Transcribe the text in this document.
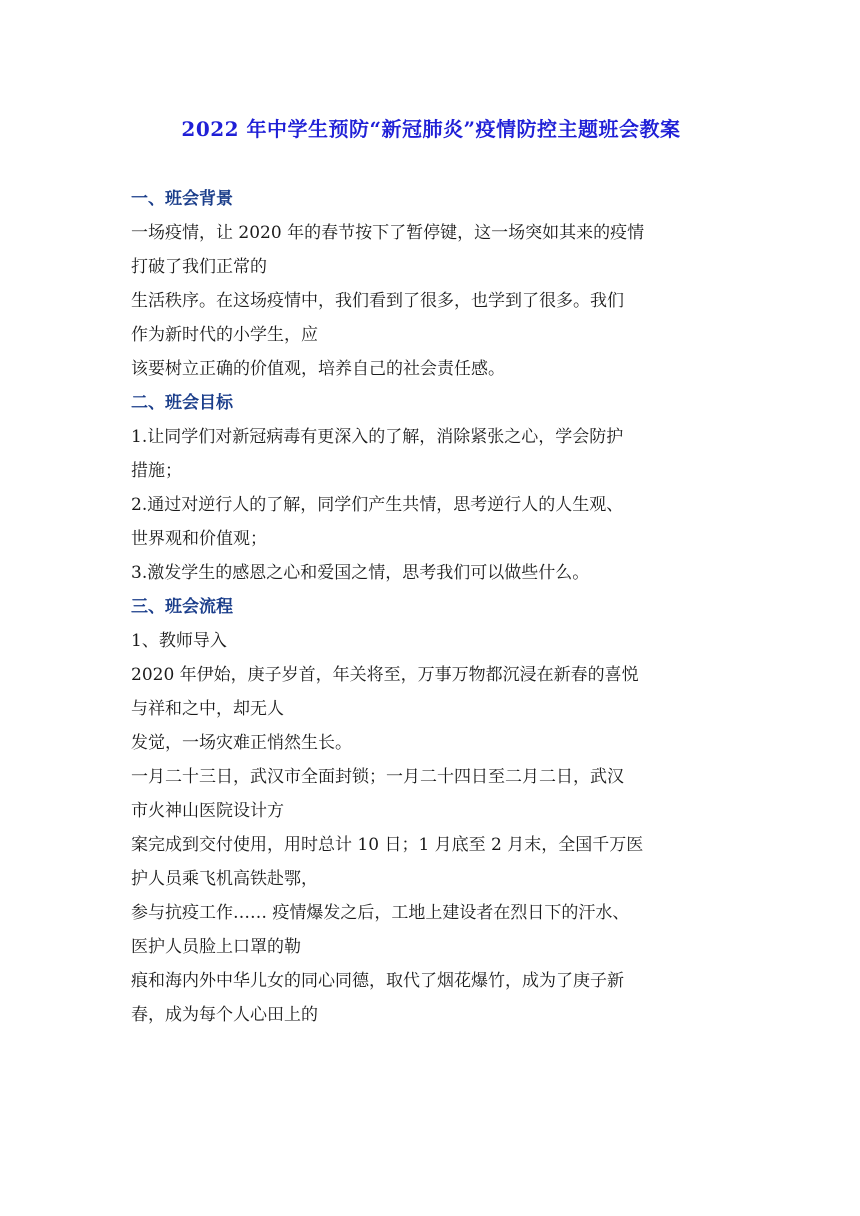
2022 年中学生预防“新冠肺炎”疫情防控主题班会教案
一、班会背景

一场疫情，让 2020 年的春节按下了暂停键，这一场突如其来的疫情

打破了我们正常的

生活秩序。在这场疫情中，我们看到了很多，也学到了很多。我们

作为新时代的小学生，应

该要树立正确的价值观，培养自己的社会责任感。

二、班会目标

1.让同学们对新冠病毒有更深入的了解，消除紧张之心，学会防护

措施；

2.通过对逆行人的了解，同学们产生共情，思考逆行人的人生观、

世界观和价值观；

3.激发学生的感恩之心和爱国之情，思考我们可以做些什么。

三、班会流程

1、教师导入

2020 年伊始，庚子岁首，年关将至，万事万物都沉浸在新春的喜悦

与祥和之中，却无人

发觉，一场灾难正悄然生长。

一月二十三日，武汉市全面封锁；一月二十四日至二月二日，武汉

市火神山医院设计方

案完成到交付使用，用时总计 10 日；1 月底至 2 月末，全国千万医

护人员乘飞机高铁赴鄂，

参与抗疫工作…… 疫情爆发之后，工地上建设者在烈日下的汗水、

医护人员脸上口罩的勒

痕和海内外中华儿女的同心同德，取代了烟花爆竹，成为了庚子新

春，成为每个人心田上的
